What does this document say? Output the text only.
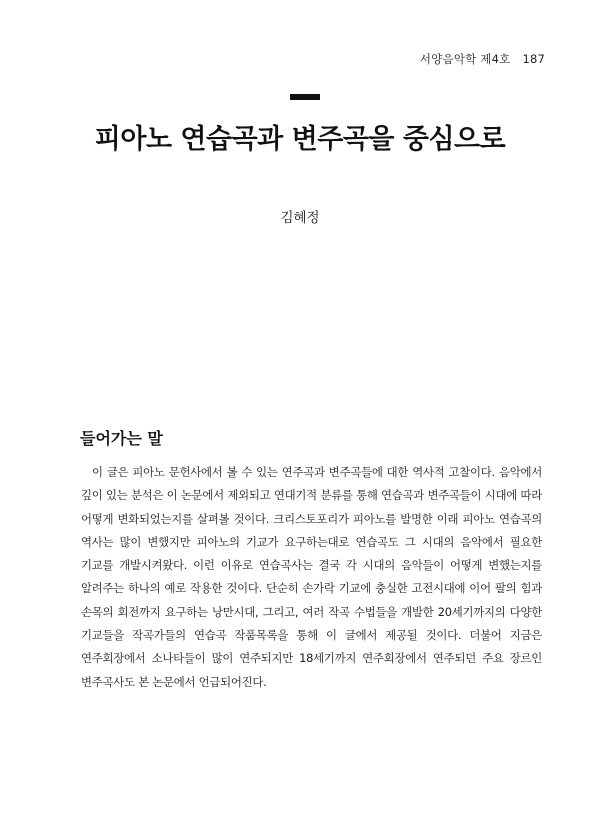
서양음악학 제4호 187
피아노 연습곡과 변주곡을 중심으로
김혜정
들어가는 말

이 글은 피아노 문헌사에서 볼 수 있는 연주곡과 변주곡들에 대한 역사적 고찰이다. 음악에서 깊이 있는 분석은 이 논문에서 제외되고 연대기적 분류를 통해 연습곡과 변주곡들이 시대에 따라 어떻게 변화되었는지를 살펴볼 것이다. 크리스토포리가 피아노를 발명한 이래 피아노 연습곡의 역사는 많이 변했지만 피아노의 기교가 요구하는대로 연습곡도 그 시대의 음악에서 필요한 기교를 개발시켜왔다. 이런 이유로 연습곡사는 결국 각 시대의 음악들이 어떻게 변했는지를 알려주는 하나의 예로 작용한 것이다. 단순히 손가락 기교에 충실한 고전시대에 이어 팔의 힘과 손목의 회전까지 요구하는 낭만시대, 그리고, 여러 작곡 수법들을 개발한 20세기까지의 다양한 기교들을 작곡가들의 연습곡 작품목록을 통해 이 글에서 제공될 것이다. 더불어 지금은 연주회장에서 소나타들이 많이 연주되지만 18세기까지 연주회장에서 연주되던 주요 장르인 변주곡사도 본 논문에서 언급되어진다.
